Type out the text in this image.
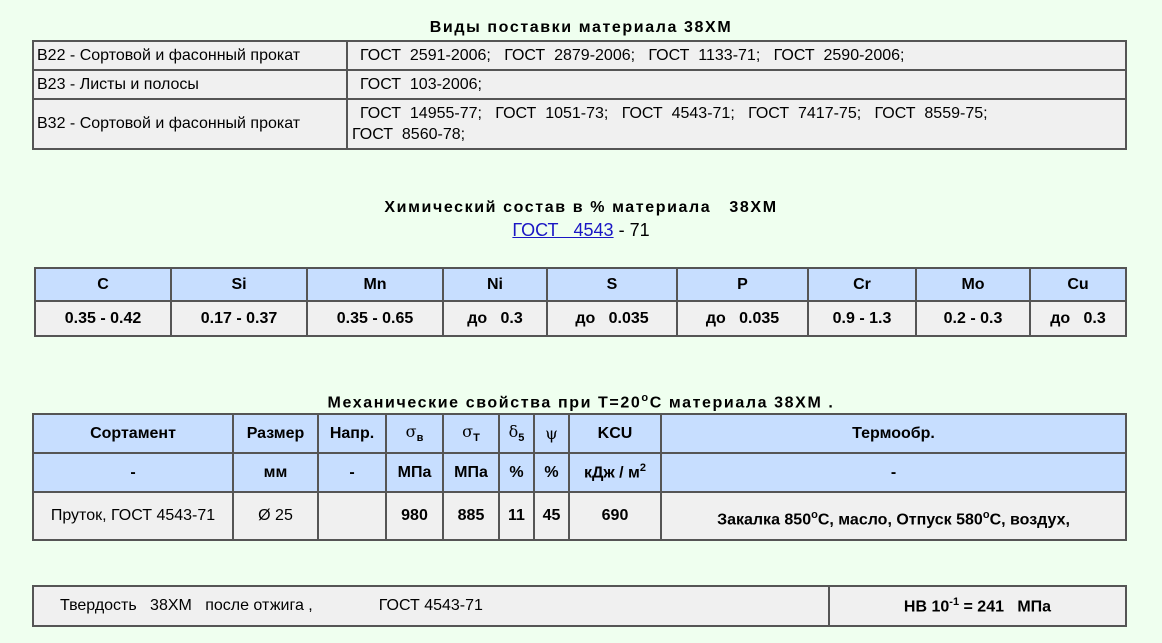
Виды поставки материала 38ХМ
B22 - Сортовой и фасонный прокат	ГОСТ  2591-2006;   ГОСТ  2879-2006;   ГОСТ  1133-71;   ГОСТ  2590-2006;
B23 - Листы и полосы	ГОСТ  103-2006;
B32 - Сортовой и фасонный прокат	ГОСТ  14955-77;   ГОСТ  1051-73;   ГОСТ  4543-71;   ГОСТ  7417-75;   ГОСТ  8559-75;
ГОСТ  8560-78;
Химический состав в % материала   38ХМ
ГОСТ   4543 - 71
C	Si	Mn	Ni	S	P	Cr	Mo	Cu
0.35 - 0.42	0.17 - 0.37	0.35 - 0.65	до   0.3	до   0.035	до   0.035	0.9 - 1.3	0.2 - 0.3	до   0.3
Механические свойства при $Т=20^oС$ материала 38ХМ .
Сортамент	Размер	Напр.	$\sigma_в$	$\sigma_T$	$\delta_5$	ψ	KCU	Термообр.
-	мм	-	МПа	МПа	%	%	кДж / $м^2$	-
Пруток, ГОСТ 4543-71	Ø 25		980	885	11	45	690	Закалка 850$^o$C, масло, Отпуск 580$^o$C, воздух,
Твердость   38ХМ   после отжига ,	ГОСТ 4543-71	HB $10^{-1} = 241$   МПа
